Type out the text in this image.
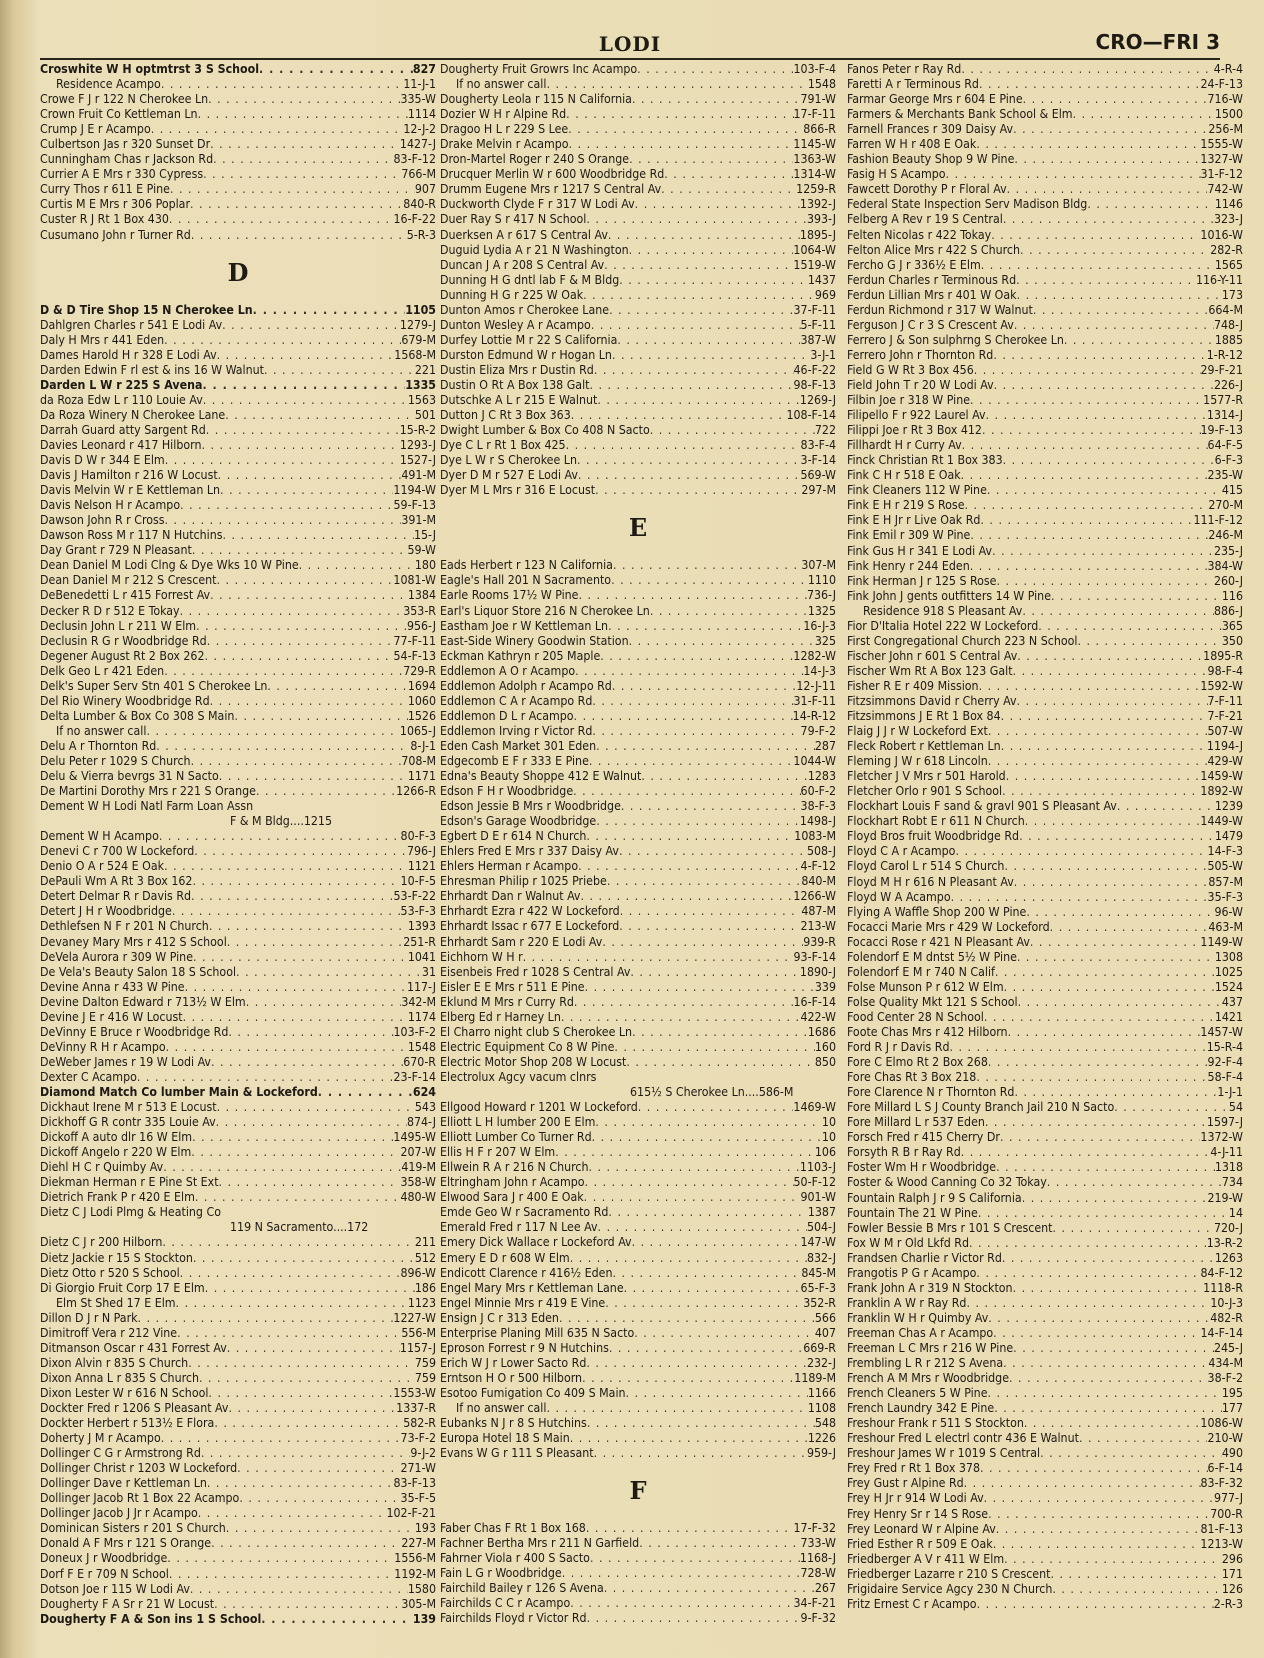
LODI	CRO—FRI 3
Croswhite W H optmtrst 3 S School . . .	827
Residence Acampo . . .	11-J-1
Crowe F J r 122 N Cherokee Ln . . .	335-W
Crown Fruit Co Kettleman Ln . . .	1114
Crump J E r Acampo . . .	12-J-2
Culbertson Jas r 320 Sunset Dr . . .	1427-J
Cunningham Chas r Jackson Rd . . .	83-F-12
Currier A E Mrs r 330 Cypress . . .	766-M
Curry Thos r 611 E Pine . . .	907
Curtis M E Mrs r 306 Poplar . . .	840-R
Custer R J Rt 1 Box 430 . . .	16-F-22
Cusumano John r Turner Rd . . .	5-R-3
D
D & D Tire Shop 15 N Cherokee Ln . . .	1105
Dahlgren Charles r 541 E Lodi Av . . .	1279-J
Daly H Mrs r 441 Eden . . .	679-M
Dames Harold H r 328 E Lodi Av . . .	1568-M
Darden Edwin F rl est & ins 16 W Walnut . . .	221
Darden L W r 225 S Avena . . .	1335
da Roza Edw L r 110 Louie Av . . .	1563
Da Roza Winery N Cherokee Lane . . .	501
Darrah Guard atty Sargent Rd . . .	15-R-2
Davies Leonard r 417 Hilborn . . .	1293-J
Davis D W r 344 E Elm . . .	1527-J
Davis J Hamilton r 216 W Locust . . .	491-M
Davis Melvin W r E Kettleman Ln . . .	1194-W
Davis Nelson H r Acampo . . .	59-F-13
Dawson John R r Cross . . .	391-M
Dawson Ross M r 117 N Hutchins . . .	15-J
Day Grant r 729 N Pleasant . . .	59-W
Dean Daniel M Lodi Clng & Dye Wks 10 W Pine . . .	180
Dean Daniel M r 212 S Crescent . . .	1081-W
DeBenedetti L r 415 Forrest Av . . .	1384
Decker R D r 512 E Tokay . . .	353-R
Declusin John L r 211 W Elm . . .	956-J
Declusin R G r Woodbridge Rd . . .	77-F-11
Degener August Rt 2 Box 262 . . .	54-F-13
Delk Geo L r 421 Eden . . .	729-R
Delk's Super Serv Stn 401 S Cherokee Ln . . .	1694
Del Rio Winery Woodbridge Rd . . .	1060
Delta Lumber & Box Co 308 S Main . . .	1526
If no answer call . . .	1065-J
Delu A r Thornton Rd . . .	8-J-1
Delu Peter r 1029 S Church . . .	708-M
Delu & Vierra bevrgs 31 N Sacto . . .	1171
De Martini Dorothy Mrs r 221 S Orange . . .	1266-R
Dement W H Lodi Natl Farm Loan Assn
F & M Bldg....1215
Dement W H Acampo . . .	80-F-3
Denevi C r 700 W Lockeford . . .	796-J
Denio O A r 524 E Oak . . .	1121
DePauli Wm A Rt 3 Box 162 . . .	10-F-5
Detert Delmar R r Davis Rd . . .	53-F-22
Detert J H r Woodbridge . . .	53-F-3
Dethlefsen N F r 201 N Church . . .	1393
Devaney Mary Mrs r 412 S School . . .	251-R
DeVela Aurora r 309 W Pine . . .	1041
De Vela's Beauty Salon 18 S School . . .	31
Devine Anna r 433 W Pine . . .	117-J
Devine Dalton Edward r 713½ W Elm . . .	342-M
Devine J E r 416 W Locust . . .	1174
DeVinny E Bruce r Woodbridge Rd . . .	103-F-2
DeVinny R H r Acampo . . .	1548
DeWeber James r 19 W Lodi Av . . .	670-R
Dexter C Acampo . . .	23-F-14
Diamond Match Co lumber Main & Lockeford . . .	624
Dickhaut Irene M r 513 E Locust . . .	543
Dickhoff G R contr 335 Louie Av . . .	874-J
Dickoff A auto dlr 16 W Elm . . .	1495-W
Dickoff Angelo r 220 W Elm . . .	207-W
Diehl H C r Quimby Av . . .	419-M
Diekman Herman r E Pine St Ext . . .	358-W
Dietrich Frank P r 420 E Elm . . .	480-W
Dietz C J Lodi Plmg & Heating Co
119 N Sacramento....172
Dietz C J r 200 Hilborn . . .	211
Dietz Jackie r 15 S Stockton . . .	512
Dietz Otto r 520 S School . . .	896-W
Di Giorgio Fruit Corp 17 E Elm . . .	186
Elm St Shed 17 E Elm . . .	1123
Dillon D J r N Park . . .	1227-W
Dimitroff Vera r 212 Vine . . .	556-M
Ditmanson Oscar r 431 Forrest Av . . .	1157-J
Dixon Alvin r 835 S Church . . .	759
Dixon Anna L r 835 S Church . . .	759
Dixon Lester W r 616 N School . . .	1553-W
Dockter Fred r 1206 S Pleasant Av . . .	1337-R
Dockter Herbert r 513½ E Flora . . .	582-R
Doherty J M r Acampo . . .	73-F-2
Dollinger C G r Armstrong Rd . . .	9-J-2
Dollinger Christ r 1203 W Lockeford . . .	271-W
Dollinger Dave r Kettleman Ln . . .	83-F-13
Dollinger Jacob Rt 1 Box 22 Acampo . . .	35-F-5
Dollinger Jacob J Jr r Acampo . . .	102-F-21
Dominican Sisters r 201 S Church . . .	193
Donald A F Mrs r 121 S Orange . . .	227-M
Doneux J r Woodbridge . . .	1556-M
Dorf F E r 709 N School . . .	1192-M
Dotson Joe r 115 W Lodi Av . . .	1580
Dougherty F A Sr r 21 W Locust . . .	305-M
Dougherty F A & Son ins 1 S School . . .	139
Dougherty Fruit Growrs Inc Acampo . . .	103-F-4
If no answer call . . .	1548
Dougherty Leola r 115 N California . . .	791-W
Dozier W H r Alpine Rd . . .	17-F-11
Dragoo H L r 229 S Lee . . .	866-R
Drake Melvin r Acampo . . .	1145-W
Dron-Martel Roger r 240 S Orange . . .	1363-W
Drucquer Merlin W r 600 Woodbridge Rd . . .	1314-W
Drumm Eugene Mrs r 1217 S Central Av . . .	1259-R
Duckworth Clyde F r 317 W Lodi Av . . .	1392-J
Duer Ray S r 417 N School . . .	393-J
Duerksen A r 617 S Central Av . . .	1895-J
Duguid Lydia A r 21 N Washington . . .	1064-W
Duncan J A r 208 S Central Av . . .	1519-W
Dunning H G dntl lab F & M Bldg . . .	1437
Dunning H G r 225 W Oak . . .	969
Dunton Amos r Cherokee Lane . . .	37-F-11
Dunton Wesley A r Acampo . . .	5-F-11
Durfey Lottie M r 22 S California . . .	387-W
Durston Edmund W r Hogan Ln . . .	3-J-1
Dustin Eliza Mrs r Dustin Rd . . .	46-F-22
Dustin O Rt A Box 138 Galt . . .	98-F-13
Dutschke A L r 215 E Walnut . . .	1269-J
Dutton J C Rt 3 Box 363 . . .	108-F-14
Dwight Lumber & Box Co 408 N Sacto . . .	722
Dye C L r Rt 1 Box 425 . . .	83-F-4
Dye L W r S Cherokee Ln . . .	3-F-14
Dyer D M r 527 E Lodi Av . . .	569-W
Dyer M L Mrs r 316 E Locust . . .	297-M
E
Eads Herbert r 123 N California . . .	307-M
Eagle's Hall 201 N Sacramento . . .	1110
Earle Rooms 17½ W Pine . . .	736-J
Earl's Liquor Store 216 N Cherokee Ln . . .	1325
Eastham Joe r W Kettleman Ln . . .	16-J-3
East-Side Winery Goodwin Station . . .	325
Eckman Kathryn r 205 Maple . . .	1282-W
Eddlemon A O r Acampo . . .	14-J-3
Eddlemon Adolph r Acampo Rd . . .	12-J-11
Eddlemon C A r Acampo Rd . . .	31-F-11
Eddlemon D L r Acampo . . .	14-R-12
Eddlemon Irving r Victor Rd . . .	79-F-2
Eden Cash Market 301 Eden . . .	287
Edgecomb E F r 333 E Pine . . .	1044-W
Edna's Beauty Shoppe 412 E Walnut . . .	1283
Edson F H r Woodbridge . . .	60-F-2
Edson Jessie B Mrs r Woodbridge . . .	38-F-3
Edson's Garage Woodbridge . . .	1498-J
Egbert D E r 614 N Church . . .	1083-M
Ehlers Fred E Mrs r 337 Daisy Av . . .	508-J
Ehlers Herman r Acampo . . .	4-F-12
Ehresman Philip r 1025 Priebe . . .	840-M
Ehrhardt Dan r Walnut Av . . .	1266-W
Ehrhardt Ezra r 422 W Lockeford . . .	487-M
Ehrhardt Issac r 677 E Lockeford . . .	213-W
Ehrhardt Sam r 220 E Lodi Av . . .	939-R
Eichhorn W H r . . .	93-F-14
Eisenbeis Fred r 1028 S Central Av . . .	1890-J
Eisler E E Mrs r 511 E Pine . . .	339
Eklund M Mrs r Curry Rd . . .	16-F-14
Elberg Ed r Harney Ln . . .	422-W
El Charro night club S Cherokee Ln . . .	1686
Electric Equipment Co 8 W Pine . . .	160
Electric Motor Shop 208 W Locust . . .	850
Electrolux Agcy vacum clnrs
615½ S Cherokee Ln....586-M
Ellgood Howard r 1201 W Lockeford . . .	1469-W
Elliott L H lumber 200 E Elm . . .	10
Elliott Lumber Co Turner Rd . . .	10
Ellis H F r 207 W Elm . . .	106
Ellwein R A r 216 N Church . . .	1103-J
Eltringham John r Acampo . . .	50-F-12
Elwood Sara J r 400 E Oak . . .	901-W
Emde Geo W r Sacramento Rd . . .	1387
Emerald Fred r 117 N Lee Av . . .	504-J
Emery Dick Wallace r Lockeford Av . . .	147-W
Emery E D r 608 W Elm . . .	832-J
Endicott Clarence r 416½ Eden . . .	845-M
Engel Mary Mrs r Kettleman Lane . . .	65-F-3
Engel Minnie Mrs r 419 E Vine . . .	352-R
Ensign J C r 313 Eden . . .	566
Enterprise Planing Mill 635 N Sacto . . .	407
Eproson Forrest r 9 N Hutchins . . .	669-R
Erich W J r Lower Sacto Rd . . .	232-J
Erntson H O r 500 Hilborn . . .	1189-M
Esotoo Fumigation Co 409 S Main . . .	1166
If no answer call . . .	1108
Eubanks N J r 8 S Hutchins . . .	548
Europa Hotel 18 S Main . . .	1226
Evans W G r 111 S Pleasant . . .	959-J
F
Faber Chas F Rt 1 Box 168 . . .	17-F-32
Fachner Bertha Mrs r 211 N Garfield . . .	733-W
Fahrner Viola r 400 S Sacto . . .	1168-J
Fain L G r Woodbridge . . .	728-W
Fairchild Bailey r 126 S Avena . . .	267
Fairchilds C C r Acampo . . .	34-F-21
Fairchilds Floyd r Victor Rd . . .	9-F-32
Fanos Peter r Ray Rd . . .	4-R-4
Faretti A r Terminous Rd . . .	24-F-13
Farmar George Mrs r 604 E Pine . . .	716-W
Farmers & Merchants Bank School & Elm . . .	1500
Farnell Frances r 309 Daisy Av . . .	256-M
Farren W H r 408 E Oak . . .	1555-W
Fashion Beauty Shop 9 W Pine . . .	1327-W
Fasig H S Acampo . . .	31-F-12
Fawcett Dorothy P r Floral Av . . .	742-W
Federal State Inspection Serv Madison Bldg . . .	1146
Felberg A Rev r 19 S Central . . .	323-J
Felten Nicolas r 422 Tokay . . .	1016-W
Felton Alice Mrs r 422 S Church . . .	282-R
Fercho G J r 336½ E Elm . . .	1565
Ferdun Charles r Terminous Rd . . .	116-Y-11
Ferdun Lillian Mrs r 401 W Oak . . .	173
Ferdun Richmond r 317 W Walnut . . .	664-M
Ferguson J C r 3 S Crescent Av . . .	748-J
Ferrero J & Son sulphrng S Cherokee Ln . . .	1885
Ferrero John r Thornton Rd . . .	1-R-12
Field G W Rt 3 Box 456 . . .	29-F-21
Field John T r 20 W Lodi Av . . .	226-J
Filbin Joe r 318 W Pine . . .	1577-R
Filipello F r 922 Laurel Av . . .	1314-J
Filippi Joe r Rt 3 Box 412 . . .	19-F-13
Fillhardt H r Curry Av . . .	64-F-5
Finck Christian Rt 1 Box 383 . . .	6-F-3
Fink C H r 518 E Oak . . .	235-W
Fink Cleaners 112 W Pine . . .	415
Fink E H r 219 S Rose . . .	270-M
Fink E H Jr r Live Oak Rd . . .	111-F-12
Fink Emil r 309 W Pine . . .	246-M
Fink Gus H r 341 E Lodi Av . . .	235-J
Fink Henry r 244 Eden . . .	384-W
Fink Herman J r 125 S Rose . . .	260-J
Fink John J gents outfitters 14 W Pine . . .	116
Residence 918 S Pleasant Av . . .	886-J
Fior D'Italia Hotel 222 W Lockeford . . .	365
First Congregational Church 223 N School . . .	350
Fischer John r 601 S Central Av . . .	1895-R
Fischer Wm Rt A Box 123 Galt . . .	98-F-4
Fisher R E r 409 Mission . . .	1592-W
Fitzsimmons David r Cherry Av . . .	7-F-11
Fitzsimmons J E Rt 1 Box 84 . . .	7-F-21
Flaig J J r W Lockeford Ext . . .	507-W
Fleck Robert r Kettleman Ln . . .	1194-J
Fleming J W r 618 Lincoln . . .	429-W
Fletcher J V Mrs r 501 Harold . . .	1459-W
Fletcher Orlo r 901 S School . . .	1892-W
Flockhart Louis F sand & gravl 901 S Pleasant Av . . .	1239
Flockhart Robt E r 611 N Church . . .	1449-W
Floyd Bros fruit Woodbridge Rd . . .	1479
Floyd C A r Acampo . . .	14-F-3
Floyd Carol L r 514 S Church . . .	505-W
Floyd M H r 616 N Pleasant Av . . .	857-M
Floyd W A Acampo . . .	35-F-3
Flying A Waffle Shop 200 W Pine . . .	96-W
Focacci Marie Mrs r 429 W Lockeford . . .	463-M
Focacci Rose r 421 N Pleasant Av . . .	1149-W
Folendorf E M dntst 5½ W Pine . . .	1308
Folendorf E M r 740 N Calif . . .	1025
Folse Munson P r 612 W Elm . . .	1524
Folse Quality Mkt 121 S School . . .	437
Food Center 28 N School . . .	1421
Foote Chas Mrs r 412 Hilborn . . .	1457-W
Ford R J r Davis Rd . . .	15-R-4
Fore C Elmo Rt 2 Box 268 . . .	92-F-4
Fore Chas Rt 3 Box 218 . . .	58-F-4
Fore Clarence N r Thornton Rd . . .	1-J-1
Fore Millard L S J County Branch Jail 210 N Sacto . . .	54
Fore Millard L r 537 Eden . . .	1597-J
Forsch Fred r 415 Cherry Dr . . .	1372-W
Forsyth R B r Ray Rd . . .	4-J-11
Foster Wm H r Woodbridge . . .	1318
Foster & Wood Canning Co 32 Tokay . . .	734
Fountain Ralph J r 9 S California . . .	219-W
Fountain The 21 W Pine . . .	14
Fowler Bessie B Mrs r 101 S Crescent . . .	720-J
Fox W M r Old Lkfd Rd . . .	13-R-2
Frandsen Charlie r Victor Rd . . .	1263
Frangotis P G r Acampo . . .	84-F-12
Frank John A r 319 N Stockton . . .	1118-R
Franklin A W r Ray Rd . . .	10-J-3
Franklin W H r Quimby Av . . .	482-R
Freeman Chas A r Acampo . . .	14-F-14
Freeman L C Mrs r 216 W Pine . . .	245-J
Frembling L R r 212 S Avena . . .	434-M
French A M Mrs r Woodbridge . . .	38-F-2
French Cleaners 5 W Pine . . .	195
French Laundry 342 E Pine . . .	177
Freshour Frank r 511 S Stockton . . .	1086-W
Freshour Fred L electrl contr 436 E Walnut . . .	210-W
Freshour James W r 1019 S Central . . .	490
Frey Fred r Rt 1 Box 378 . . .	6-F-14
Frey Gust r Alpine Rd . . .	83-F-32
Frey H Jr r 914 W Lodi Av . . .	977-J
Frey Henry Sr r 14 S Rose . . .	700-R
Frey Leonard W r Alpine Av . . .	81-F-13
Fried Esther R r 509 E Oak . . .	1213-W
Friedberger A V r 411 W Elm . . .	296
Friedberger Lazarre r 210 S Crescent . . .	171
Frigidaire Service Agcy 230 N Church . . .	126
Fritz Ernest C r Acampo . . .	2-R-3
